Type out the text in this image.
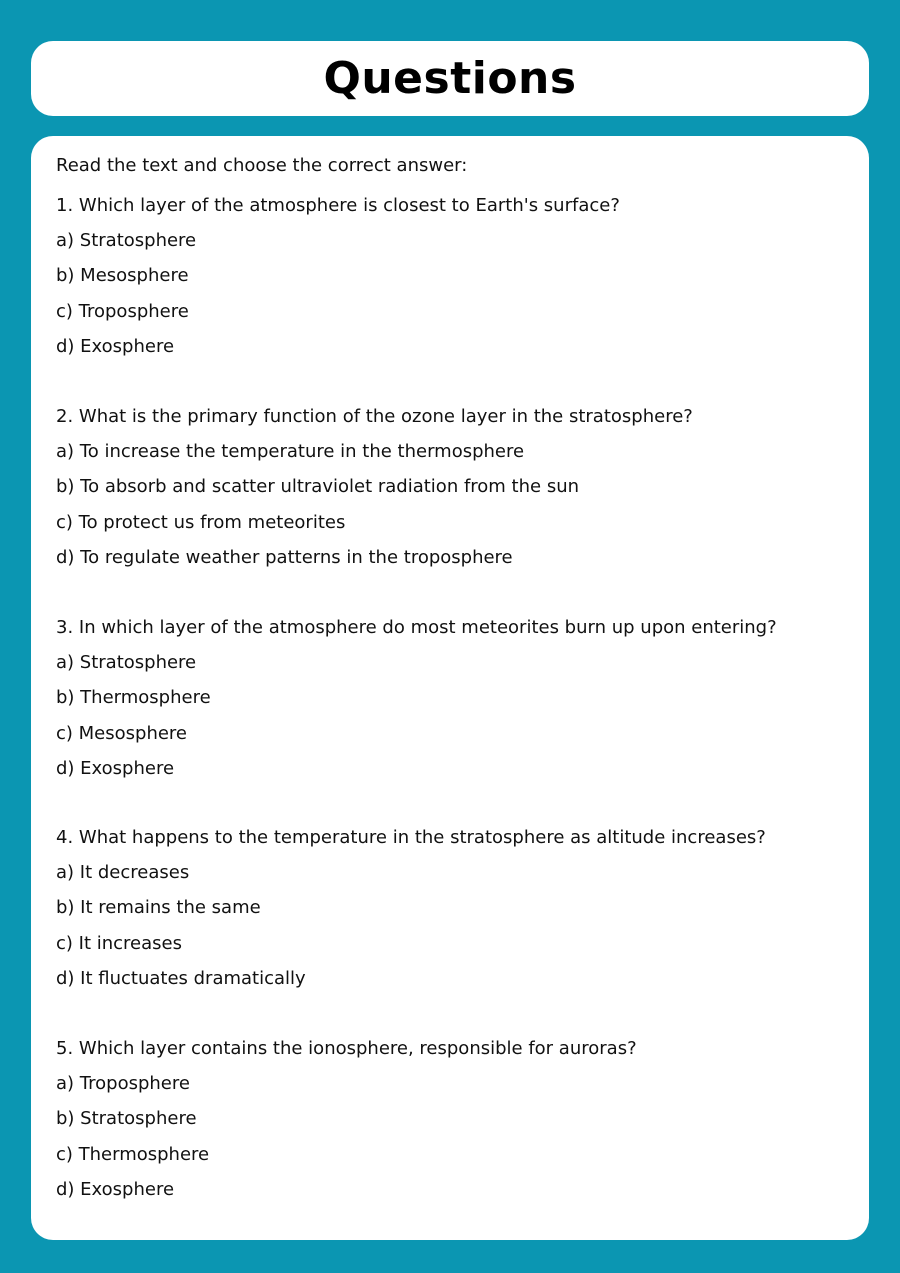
Questions

Read the text and choose the correct answer:

1. Which layer of the atmosphere is closest to Earth's surface?
a) Stratosphere
b) Mesosphere
c) Troposphere
d) Exosphere
2. What is the primary function of the ozone layer in the stratosphere?
a) To increase the temperature in the thermosphere
b) To absorb and scatter ultraviolet radiation from the sun
c) To protect us from meteorites
d) To regulate weather patterns in the troposphere
3. In which layer of the atmosphere do most meteorites burn up upon entering?
a) Stratosphere
b) Thermosphere
c) Mesosphere
d) Exosphere
4. What happens to the temperature in the stratosphere as altitude increases?
a) It decreases
b) It remains the same
c) It increases
d) It fluctuates dramatically
5. Which layer contains the ionosphere, responsible for auroras?
a) Troposphere
b) Stratosphere
c) Thermosphere
d) Exosphere
